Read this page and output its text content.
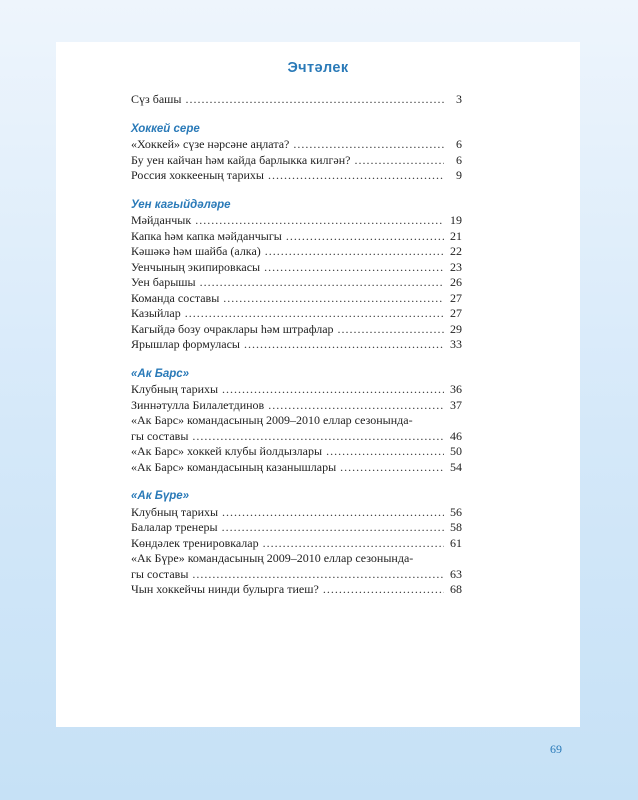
Эчтәлек
Сүз башы .....	3
Хоккей сере
«Хоккей» сүзе нәрсәне аңлата? .....	6
Бу уен кайчан һәм кайда барлыкка килгән? .....	6
Россия хоккееның тарихы .....	9
Уен кагыйдәләре
Мәйданчык .....	19
Капка һәм капка мәйданчыгы .....	21
Кәшәкә һәм шайба (алка) .....	22
Уенчының экипировкасы .....	23
Уен барышы .....	26
Команда составы .....	27
Казыйлар .....	27
Кагыйдә бозу очраклары һәм штрафлар .....	29
Ярышлар формуласы .....	33
«Ак Барс»
Клубның тарихы .....	36
Зиннәтулла Билалетдинов .....	37
«Ак Барс» командасының 2009–2010 еллар сезонында-
гы составы .....	46
«Ак Барс» хоккей клубы йолдызлары .....	50
«Ак Барс» командасының казанышлары .....	54
«Ак Бүре»
Клубның тарихы .....	56
Балалар тренеры .....	58
Көндәлек тренировкалар .....	61
«Ак Бүре» командасының 2009–2010 еллар сезонында-
гы составы .....	63
Чын хоккейчы нинди булырга тиеш? .....	68
69
